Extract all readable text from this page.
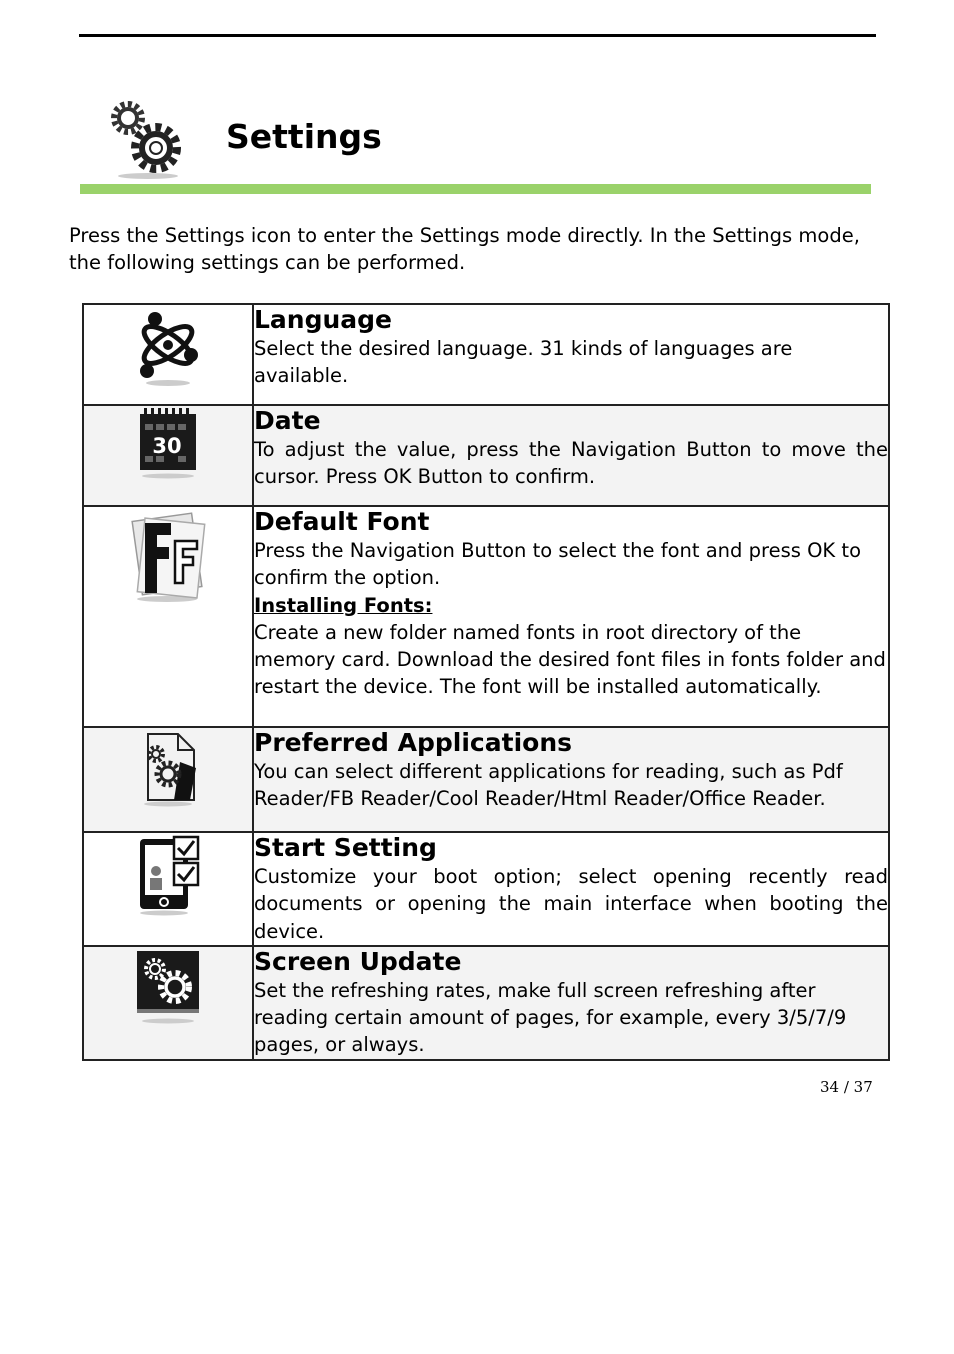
Settings

Press the Settings icon to enter the Settings mode directly. In the Settings mode, the following settings can be performed.

Language
Select the desired language. 31 kinds of languages are available.

30	Date
To adjust the value, press the Navigation Button to move the cursor. Press OK Button to confirm.

Default Font
Press the Navigation Button to select the font and press OK to confirm the option.
Installing Fonts:
Create a new folder named fonts in root directory of the memory card. Download the desired font files in fonts folder and restart the device. The font will be installed automatically.

Preferred Applications
You can select different applications for reading, such as Pdf Reader/FB Reader/Cool Reader/Html Reader/Office Reader.

Start Setting
Customize your boot option; select opening recently read documents or opening the main interface when booting the device.

Screen Update
Set the refreshing rates, make full screen refreshing after reading certain amount of pages, for example, every 3/5/7/9 pages, or always.
34 / 37
